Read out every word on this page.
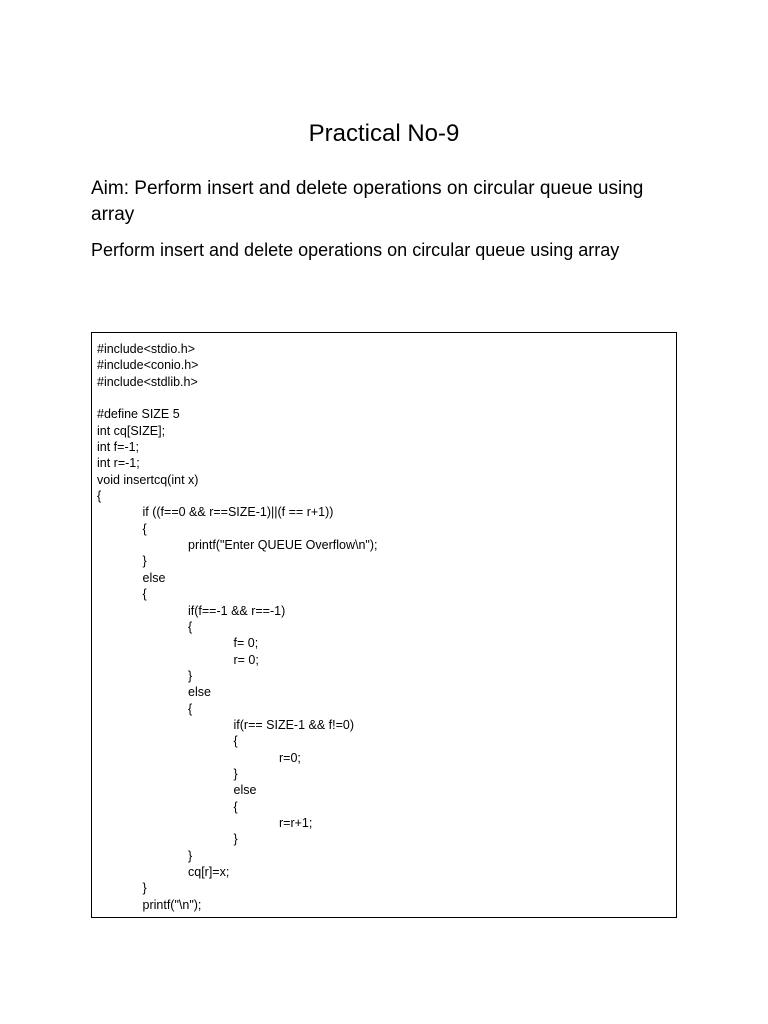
Practical No-9

Aim: Perform insert and delete operations on circular queue using array

Perform insert and delete operations on circular queue using array

#include<stdio.h>
#include<conio.h>
#include<stdlib.h>
#define SIZE 5
int cq[SIZE];
int f=-1;
int r=-1;
void insertcq(int x)
{
if ((f==0 && r==SIZE-1)||(f == r+1))
{
printf("Enter QUEUE Overflow\n");
}
else
{
if(f==-1 && r==-1)
{
f= 0;
r= 0;
}
else
{
if(r== SIZE-1 && f!=0)
{
r=0;
}
else
{
r=r+1;
}
}
cq[r]=x;
}
printf("\n");
